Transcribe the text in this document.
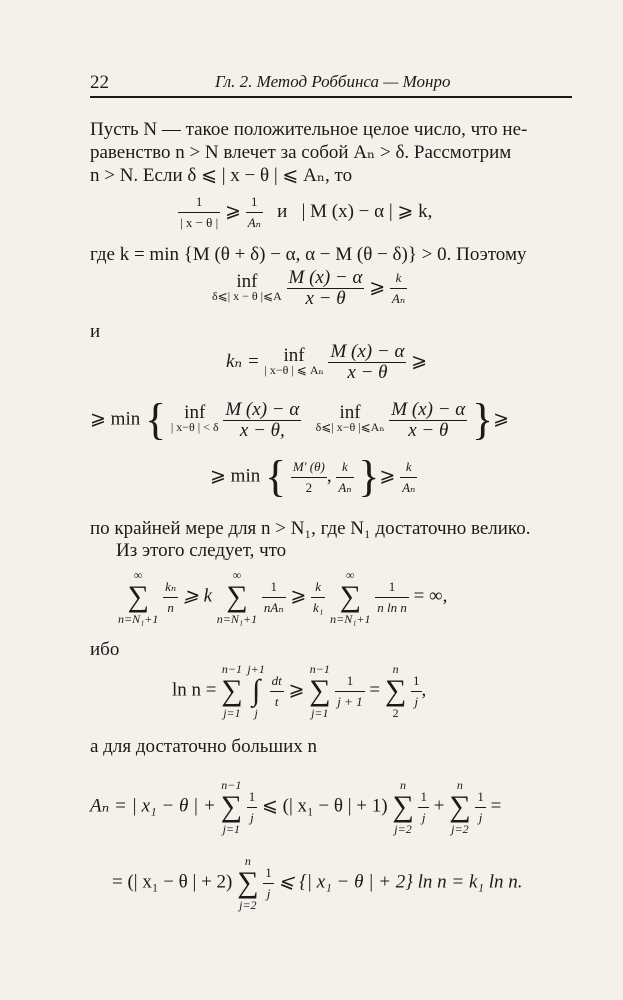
22	Гл. 2. Метод Роббинса — Монро
Пусть N — такое положительное целое число, что не-
равенство n > N влечет за собой Aₙ > δ. Рассмотрим
n > N. Если δ ⩽ | x − θ | ⩽ Aₙ, то
$\frac{1}{| x - \theta |}$ ⩾ $\frac{1}{\text{Aₙ}}$ и | M (x) − α | ⩾ k,
где k = min {M (θ + δ) − α, α − M (θ − δ)} > 0. Поэтому
inf
δ⩽| x − θ |⩽A
$\frac{M (x) - \alpha}{x - \theta}$ ⩾ $\frac{k}{\text{Aₙ}}$
и
kₙ =	inf
| x−θ | ⩽ Aₙ
$\frac{M (x) - \alpha}{x - \theta}$ ⩾
⩾ min { inf
| x−θ | < δ
$\frac{M (x) - \alpha}{x - \theta,}$
	inf
δ⩽| x−θ |⩽Aₙ
$\frac{M (x) - \alpha}{x - \theta}$ }⩾
⩾ min { $\frac{M' (\theta)}{2}$ , $\frac{k}{\text{Aₙ}}$ }⩾ $\frac{k}{\text{Aₙ}}$
по крайней мере для n > N₁, где N₁ достаточно велико.
Из этого следует, что
∞
∑
n=N₁+1

$\frac{\text{kₙ}}{n}$ ⩾ k
∞
∑
n=N₁+1

$\frac{1}{\text{nAₙ}}$ ⩾ $\frac{k}{\text{k₁}}$

∞
∑
n=N₁+1

$\frac{1}{\text{n ln n}}$ = ∞,
ибо
ln n =
n−1
∑
j=1

j+1
∫
j

$\frac{dt}{t}$ ⩾
n−1
∑
j=1

$\frac{1}{j + 1}$ =
n
∑
2

$\frac{1}{j}$ ,
а для достаточно больших n
Aₙ = | x₁ − θ | +
n−1
∑
j=1

$\frac{1}{j}$ ⩽ (| x₁ − θ | + 1)
n
∑
j=2

$\frac{1}{j}$ +
n
∑
j=2

$\frac{1}{j}$ =
= (| x₁ − θ | + 2)
n
∑
j=2

$\frac{1}{j}$ ⩽ {| x₁ − θ | + 2} ln n = k₁ ln n.
